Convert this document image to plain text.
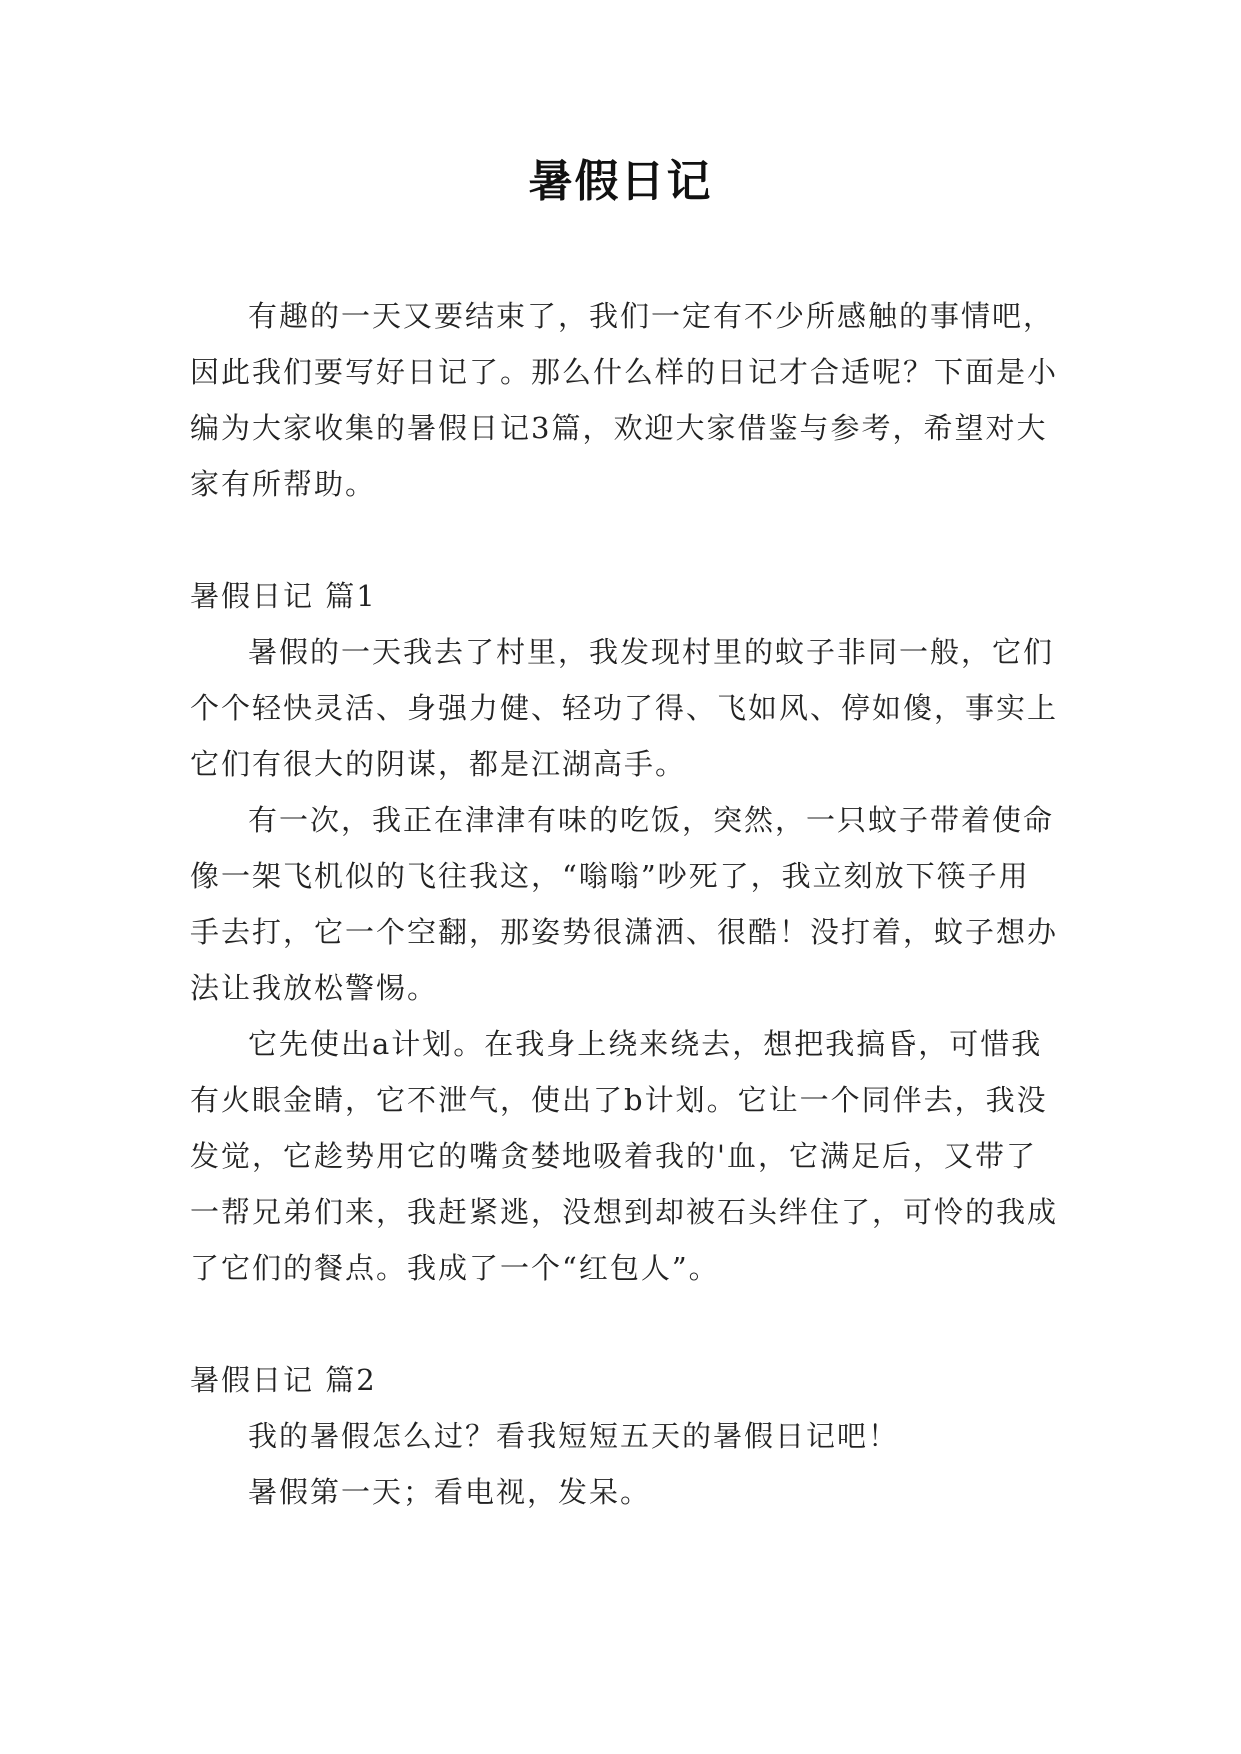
暑假日记

有趣的一天又要结束了，我们一定有不少所感触的事情吧，因此我们要写好日记了。那么什么样的日记才合适呢？下面是小编为大家收集的暑假日记3篇，欢迎大家借鉴与参考，希望对大家有所帮助。

暑假日记 篇1

暑假的一天我去了村里，我发现村里的蚊子非同一般，它们个个轻快灵活、身强力健、轻功了得、飞如风、停如傻，事实上它们有很大的阴谋，都是江湖高手。

有一次，我正在津津有味的吃饭，突然，一只蚊子带着使命像一架飞机似的飞往我这，“嗡嗡”吵死了，我立刻放下筷子用手去打，它一个空翻，那姿势很潇洒、很酷！没打着，蚊子想办法让我放松警惕。

它先使出a计划。在我身上绕来绕去，想把我搞昏，可惜我有火眼金睛，它不泄气，使出了b计划。它让一个同伴去，我没发觉，它趁势用它的嘴贪婪地吸着我的'血，它满足后，又带了一帮兄弟们来，我赶紧逃，没想到却被石头绊住了，可怜的我成了它们的餐点。我成了一个“红包人”。

暑假日记 篇2

我的暑假怎么过？看我短短五天的暑假日记吧！

暑假第一天；看电视，发呆。
